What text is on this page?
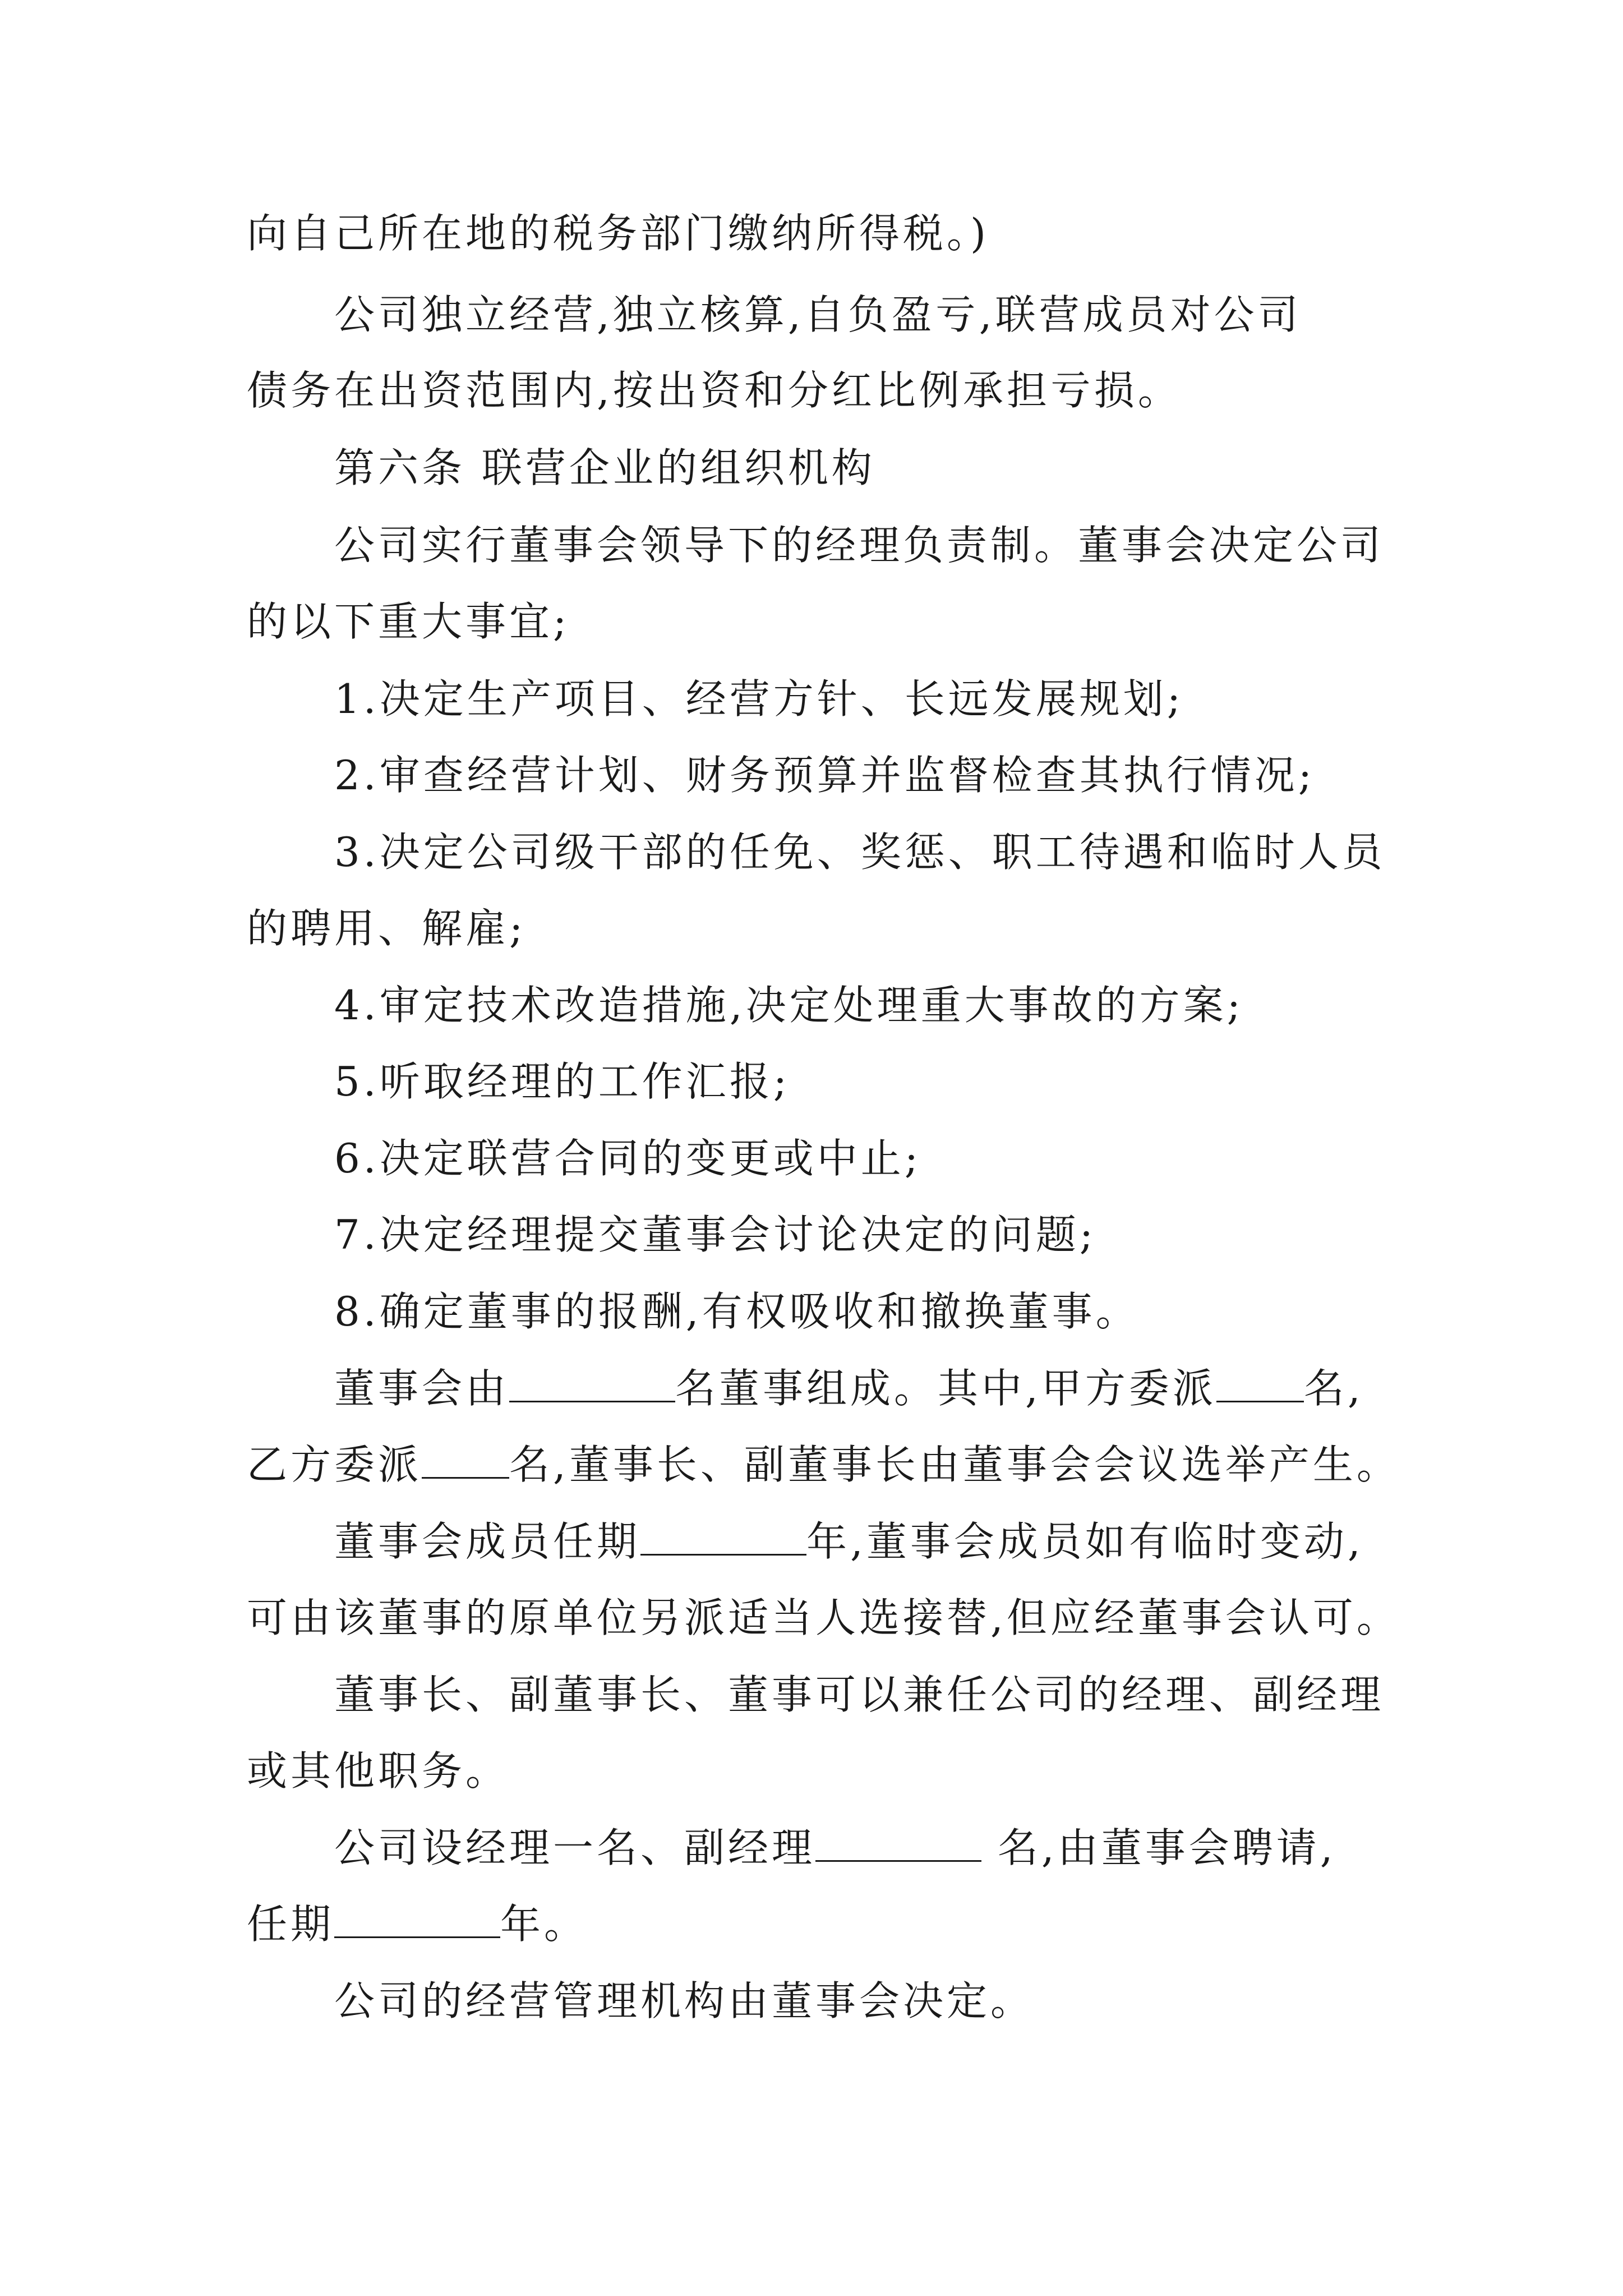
向自己所在地的税务部门缴纳所得税。)
公司独立经营,独立核算,自负盈亏,联营成员对公司
债务在出资范围内,按出资和分红比例承担亏损。
第六条 联营企业的组织机构
公司实行董事会领导下的经理负责制。董事会决定公司
的以下重大事宜;
1.决定生产项目、经营方针、长远发展规划;
2.审查经营计划、财务预算并监督检查其执行情况;
3.决定公司级干部的任免、奖惩、职工待遇和临时人员
的聘用、解雇;
4.审定技术改造措施,决定处理重大事故的方案;
5.听取经理的工作汇报;
6.决定联营合同的变更或中止;
7.决定经理提交董事会讨论决定的问题;
8.确定董事的报酬,有权吸收和撤换董事。
董事会由	名董事组成。其中,甲方委派 名,
乙方委派 名,董事长、副董事长由董事会会议选举产生。
董事会成员任期	年,董事会成员如有临时变动,
可由该董事的原单位另派适当人选接替,但应经董事会认可。
董事长、副董事长、董事可以兼任公司的经理、副经理
或其他职务。
公司设经理一名、副经理	名,由董事会聘请,
任期	年。
公司的经营管理机构由董事会决定。
